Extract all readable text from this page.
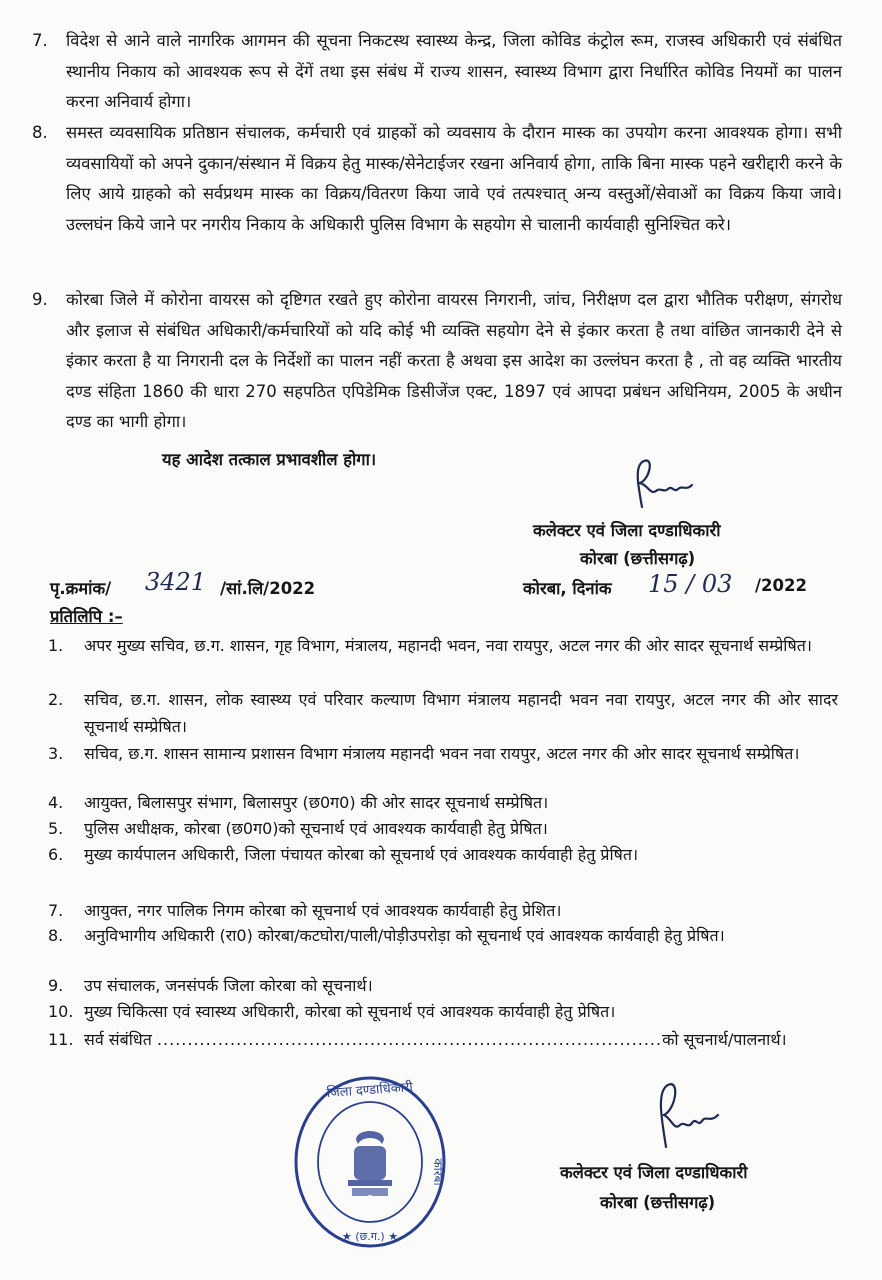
7.	विदेश से आने वाले नागरिक आगमन की सूचना निकटस्थ स्वास्थ्य केन्द्र, जिला कोविड कंट्रोल रूम, राजस्व अधिकारी एवं संबंधित स्थानीय निकाय को आवश्यक रूप से देंगें तथा इस संबंध में राज्य शासन, स्वास्थ्य विभाग द्वारा निर्धारित कोविड नियमों का पालन करना अनिवार्य होगा।
8.	समस्त व्यवसायिक प्रतिष्ठान संचालक, कर्मचारी एवं ग्राहकों को व्यवसाय के दौरान मास्क का उपयोग करना आवश्यक होगा। सभी व्यवसायियों को अपने दुकान/संस्थान में विक्रय हेतु मास्क/सेनेटाईजर रखना अनिवार्य होगा, ताकि बिना मास्क पहने खरीद्दारी करने के लिए आये ग्राहको को सर्वप्रथम मास्क का विक्रय/वितरण किया जावे एवं तत्पश्चात् अन्य वस्तुओं/सेवाओं का विक्रय किया जावे। उल्लघंन किये जाने पर नगरीय निकाय के अधिकारी पुलिस विभाग के सहयोग से चालानी कार्यवाही सुनिश्चित करे।
9.	कोरबा जिले में कोरोना वायरस को दृष्टिगत रखते हुए कोरोना वायरस निगरानी, जांच, निरीक्षण दल द्वारा भौतिक परीक्षण, संगरोध और इलाज से संबंधित अधिकारी/कर्मचारियों को यदि कोई भी व्यक्ति सहयोग देने से इंकार करता है तथा वांछित जानकारी देने से इंकार करता है या निगरानी दल के निर्देशों का पालन नहीं करता है अथवा इस आदेश का उल्लंघन करता है , तो वह व्यक्ति भारतीय दण्ड संहिता 1860 की धारा 270 सहपठित एपिडेमिक डिसीजेंज एक्ट, 1897 एवं आपदा प्रबंधन अधिनियम, 2005 के अधीन दण्ड का भागी होगा।
यह आदेश तत्काल प्रभावशील होगा।
कलेक्टर एवं जिला दण्डाधिकारी
कोरबा (छत्तीसगढ़)
पृ.क्रमांक/ 3421 /सां.लि/2022	कोरबा, दिनांक 15 / 03 /2022
प्रतिलिपि :–
1.	अपर मुख्य सचिव, छ.ग. शासन, गृह विभाग, मंत्रालय, महानदी भवन, नवा रायपुर, अटल नगर की ओर सादर सूचनार्थ सम्प्रेषित।
2.	सचिव, छ.ग. शासन, लोक स्वास्थ्य एवं परिवार कल्याण विभाग मंत्रालय महानदी भवन नवा रायपुर, अटल नगर की ओर सादर सूचनार्थ सम्प्रेषित।
3.	सचिव, छ.ग. शासन सामान्य प्रशासन विभाग मंत्रालय महानदी भवन नवा रायपुर, अटल नगर की ओर सादर सूचनार्थ सम्प्रेषित।
4.	आयुक्त, बिलासपुर संभाग, बिलासपुर (छ0ग0) की ओर सादर सूचनार्थ सम्प्रेषित।
5.	पुलिस अधीक्षक, कोरबा (छ0ग0)को सूचनार्थ एवं आवश्यक कार्यवाही हेतु प्रेषित।
6.	मुख्य कार्यपालन अधिकारी, जिला पंचायत कोरबा को सूचनार्थ एवं आवश्यक कार्यवाही हेतु प्रेषित।
7.	आयुक्त, नगर पालिक निगम कोरबा को सूचनार्थ एवं आवश्यक कार्यवाही हेतु प्रेशित।
8.	अनुविभागीय अधिकारी (रा0) कोरबा/कटघोरा/पाली/पोड़ीउपरोड़ा को सूचनार्थ एवं आवश्यक कार्यवाही हेतु प्रेषित।
9.	उप संचालक, जनसंपर्क जिला कोरबा को सूचनार्थ।
10. मुख्य चिकित्सा एवं स्वास्थ्य अधिकारी, कोरबा को सूचनार्थ एवं आवश्यक कार्यवाही हेतु प्रेषित।
11. सर्व संबंधित ...................................................................................को सूचनार्थ/पालनार्थ।
जिला दण्डाधिकारी
कोरबा
★ (छ.ग.) ★
कलेक्टर एवं जिला दण्डाधिकारी
कोरबा (छत्तीसगढ़)
